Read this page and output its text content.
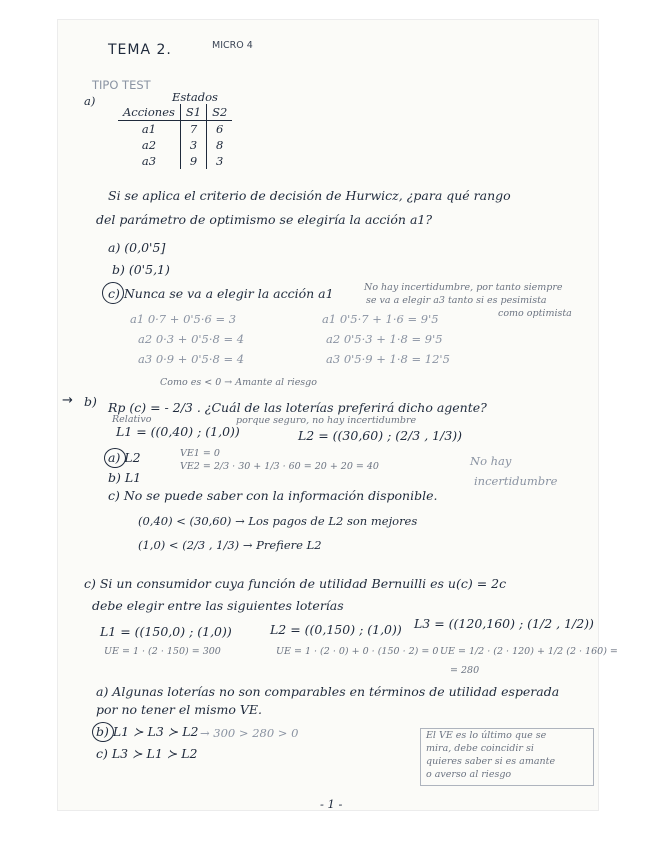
TEMA 2.	MICRO 4
TIPO TEST
a)	Estados
Acciones	S1	S2
a1	7	6
a2	3	8
a3	9	3
Si se aplica el criterio de decisión de Hurwicz, ¿para qué rango
del parámetro de optimismo se elegiría la acción a1?
a) (0,0'5]
b) (0'5,1)
c) Nunca se va a elegir la acción a1	No hay incertidumbre, por tanto siempre
se va a elegir a3 tanto si es pesimista
como optimista
a1 0·7 + 0'5·6 = 3
a2 0·3 + 0'5·8 = 4
a3 0·9 + 0'5·8 = 4
a1 0'5·7 + 1·6 = 9'5
a2 0'5·3 + 1·8 = 9'5
a3 0'5·9 + 1·8 = 12'5
Como es < 0 → Amante al riesgo
→ b) Rp (c) = - 2/3 . ¿Cuál de las loterías preferirá dicho agente?
Relativo	porque seguro, no hay incertidumbre
L1 = ((0,40) ; (1,0))	L2 = ((30,60) ; (2/3 , 1/3))
a) L2	VE1 = 0
VE2 = 2/3 · 30 + 1/3 · 60 = 20 + 20 = 40
b) L1
c) No se puede saber con la información disponible.
No hay
incertidumbre
(0,40) < (30,60) → Los pagos de L2 son mejores
(1,0) < (2/3 , 1/3) → Prefiere L2
c) Si un consumidor cuya función de utilidad Bernuilli es u(c) = 2c
debe elegir entre las siguientes loterías
L1 = ((150,0) ; (1,0))	L2 = ((0,150) ; (1,0)) L3 = ((120,160) ; (1/2 , 1/2))
UE = 1 · (2 · 150) = 300	UE = 1 · (2 · 0) + 0 · (150 · 2) = 0 UE = 1/2 · (2 · 120) + 1/2 (2 · 160) =
= 280
a) Algunas loterías no son comparables en términos de utilidad esperada
por no tener el mismo VE.
b) L1 ≻ L3 ≻ L2 → 300 > 280 > 0
c) L3 ≻ L1 ≻ L2
El VE es lo último que se
mira, debe coincidir si
quieres saber si es amante
o averso al riesgo
- 1 -
